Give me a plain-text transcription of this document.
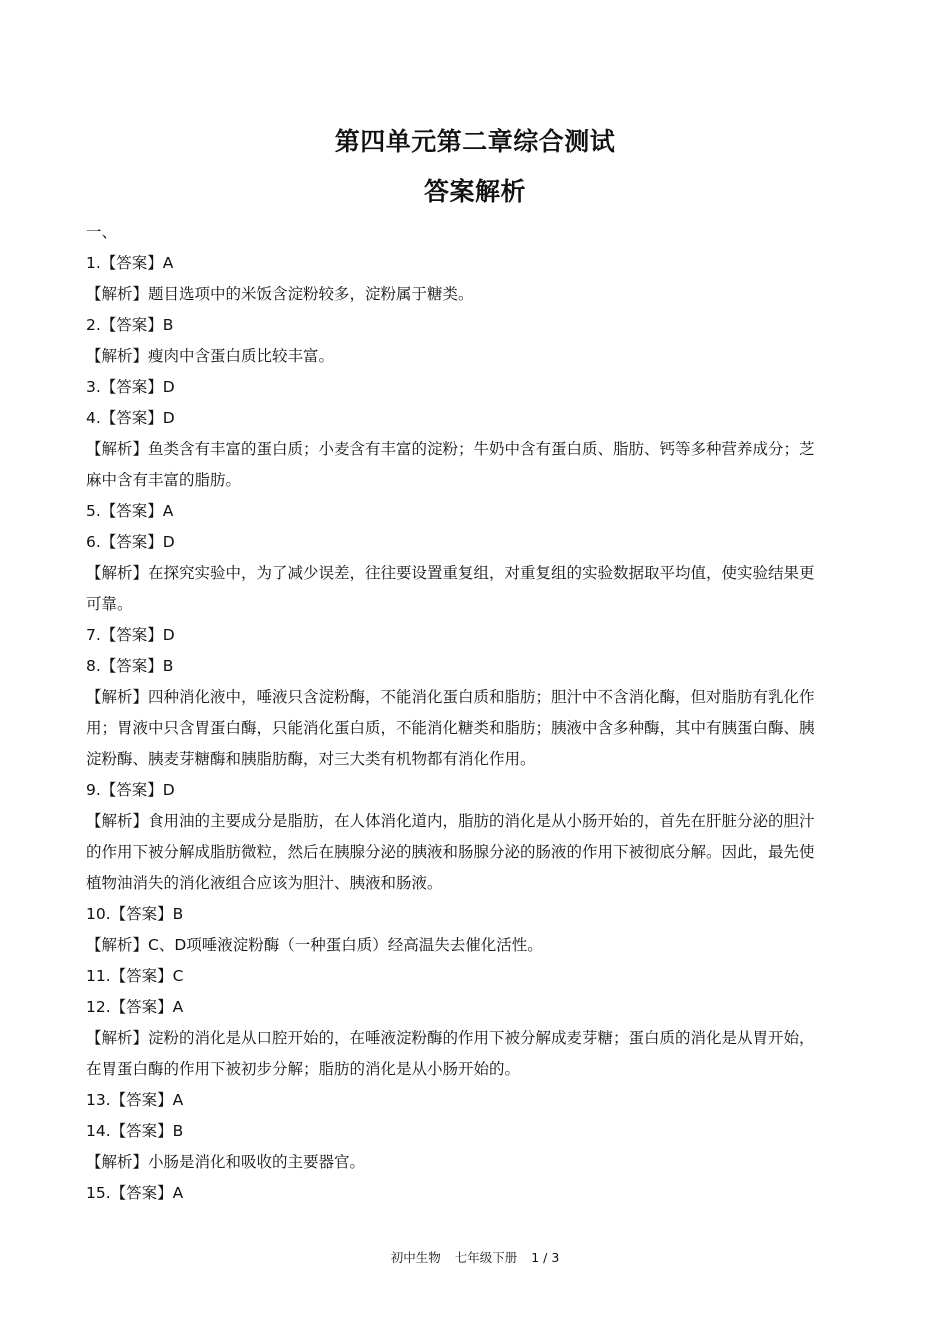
第四单元第二章综合测试
答案解析
一、
1.【答案】A
【解析】题目选项中的米饭含淀粉较多，淀粉属于糖类。
2.【答案】B
【解析】瘦肉中含蛋白质比较丰富。
3.【答案】D
4.【答案】D
【解析】鱼类含有丰富的蛋白质；小麦含有丰富的淀粉；牛奶中含有蛋白质、脂肪、钙等多种营养成分；芝
麻中含有丰富的脂肪。
5.【答案】A
6.【答案】D
【解析】在探究实验中，为了减少误差，往往要设置重复组，对重复组的实验数据取平均值，使实验结果更
可靠。
7.【答案】D
8.【答案】B
【解析】四种消化液中，唾液只含淀粉酶，不能消化蛋白质和脂肪；胆汁中不含消化酶，但对脂肪有乳化作
用；胃液中只含胃蛋白酶，只能消化蛋白质，不能消化糖类和脂肪；胰液中含多种酶，其中有胰蛋白酶、胰
淀粉酶、胰麦芽糖酶和胰脂肪酶，对三大类有机物都有消化作用。
9.【答案】D
【解析】食用油的主要成分是脂肪，在人体消化道内，脂肪的消化是从小肠开始的，首先在肝脏分泌的胆汁
的作用下被分解成脂肪微粒，然后在胰腺分泌的胰液和肠腺分泌的肠液的作用下被彻底分解。因此，最先使
植物油消失的消化液组合应该为胆汁、胰液和肠液。
10.【答案】B
【解析】C、D项唾液淀粉酶（一种蛋白质）经高温失去催化活性。
11.【答案】C
12.【答案】A
【解析】淀粉的消化是从口腔开始的，在唾液淀粉酶的作用下被分解成麦芽糖；蛋白质的消化是从胃开始，
在胃蛋白酶的作用下被初步分解；脂肪的消化是从小肠开始的。
13.【答案】A
14.【答案】B
【解析】小肠是消化和吸收的主要器官。
15.【答案】A
初中生物 七年级下册 1 / 3
